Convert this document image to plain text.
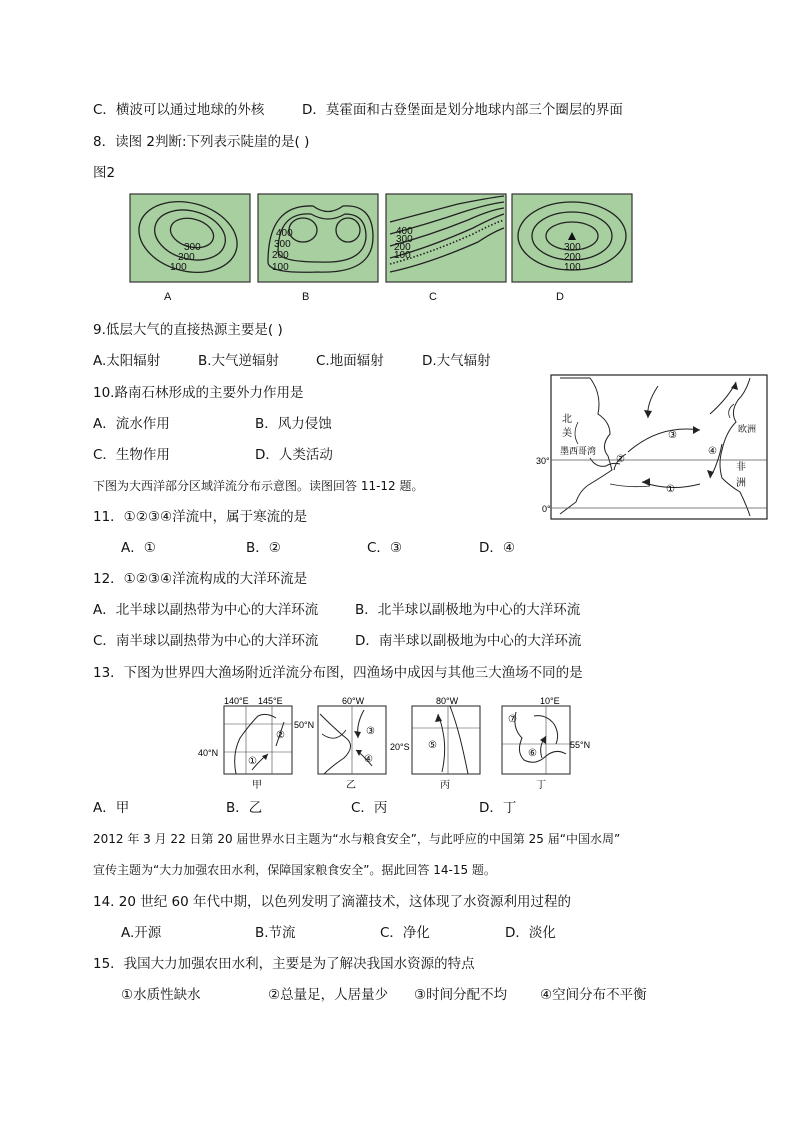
C．横波可以通过地球的外核	D．莫霍面和古登堡面是划分地球内部三个圈层的界面
8．读图 2判断:下列表示陡崖的是( )
图2
300
200
100
400
300
200
100
400
300
200
100
300
200
100
A	B	C	D
9.低层大气的直接热源主要是( )
A.太阳辐射	B.大气逆辐射	C.地面辐射	D.大气辐射
10.路南石林形成的主要外力作用是
A．流水作用	B．风力侵蚀
C．生物作用	D．人类活动
北
美
墨西哥湾
欧洲
非
洲
30°
0°
①
②
③
④
下图为大西洋部分区域洋流分布示意图。读图回答 11-12 题。
11．①②③④洋流中，属于寒流的是
A．①	B．②	C．③	D．④
12．①②③④洋流构成的大洋环流是
A．北半球以副热带为中心的大洋环流	B．北半球以副极地为中心的大洋环流
C．南半球以副热带为中心的大洋环流	D．南半球以副极地为中心的大洋环流
13．下图为世界四大渔场附近洋流分布图，四渔场中成因与其他三大渔场不同的是
140°E 145°E
50°N
40°N
①
②
甲
60°W
③
④
乙
80°W
20°S ⑤
丙
10°E
55°N
⑦
⑥
丁
A．甲	B．乙	C．丙	D．丁
2012 年 3 月 22 日第 20 届世界水日主题为“水与粮食安全”，与此呼应的中国第 25 届“中国水周”
宣传主题为“大力加强农田水利，保障国家粮食安全”。据此回答 14-15 题。
14. 20 世纪 60 年代中期，以色列发明了滴灌技术，这体现了水资源利用过程的
A.开源	B.节流	C．净化	D．淡化
15．我国大力加强农田水利，主要是为了解决我国水资源的特点
①水质性缺水	②总量足，人居量少 ③时间分配不均 ④空间分布不平衡
